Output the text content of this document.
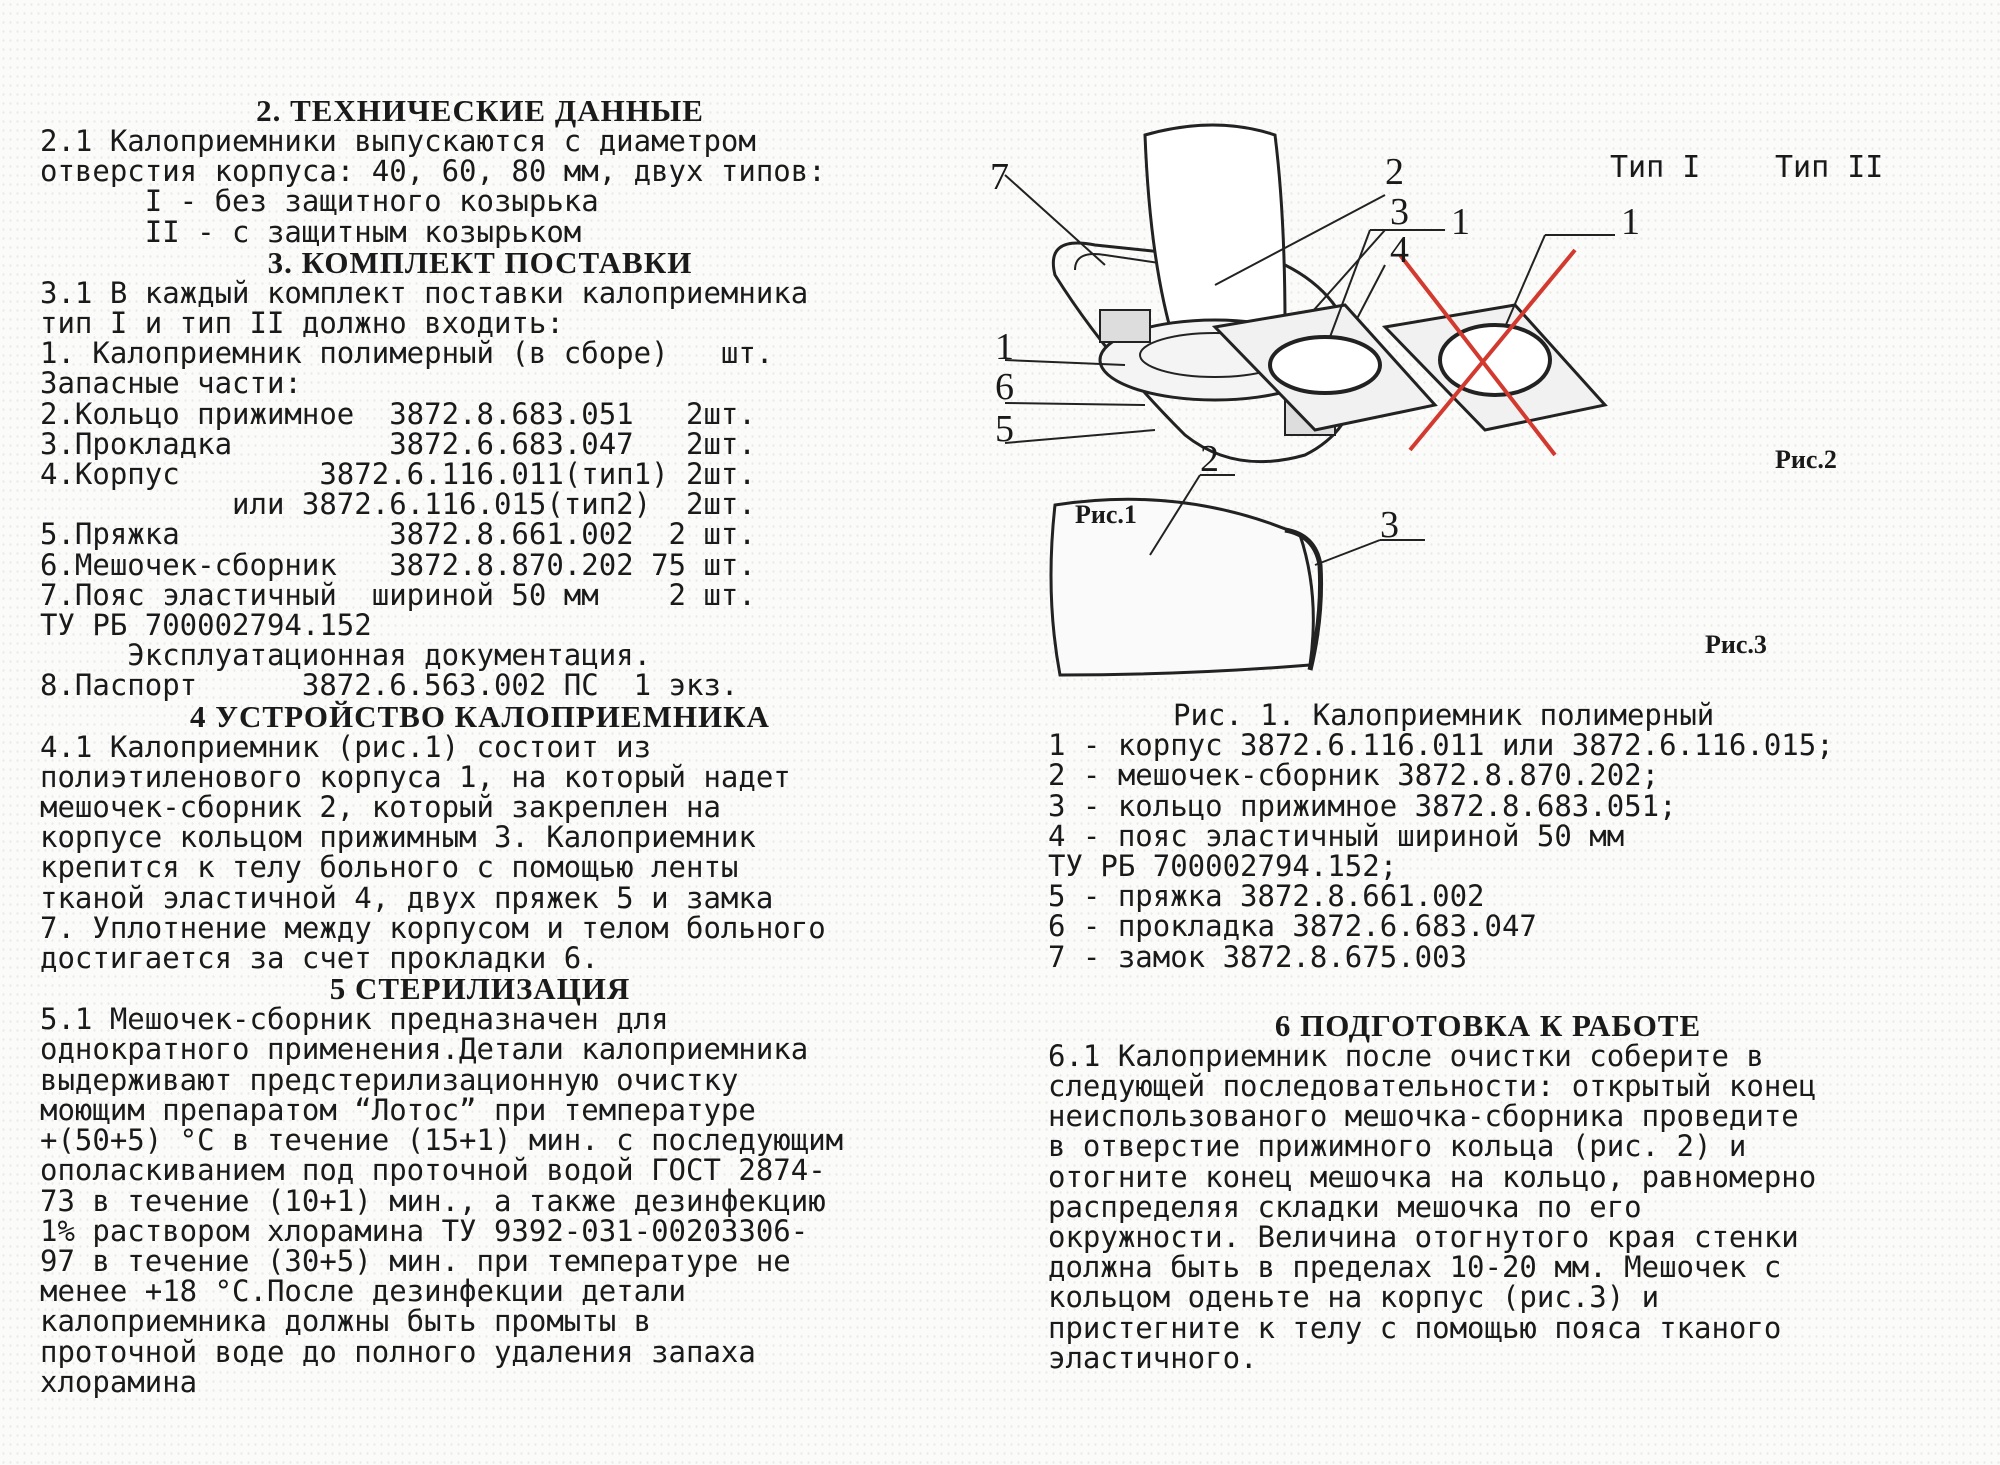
2. ТЕХНИЧЕСКИЕ ДАННЫЕ

2.1 Калоприемники выпускаются с диаметром

отверстия корпуса: 40, 60, 80 мм, двух типов:

I - без защитного козырька

II - с защитным козырьком

3. КОМПЛЕКТ ПОСТАВКИ

3.1 В каждый комплект поставки калоприемника

тип I и тип II должно входить:

1. Калоприемник полимерный (в сборе)   шт.

Запасные части:

2.Кольцо прижимное  3872.8.683.051   2шт.

3.Прокладка         3872.6.683.047   2шт.

4.Корпус        3872.6.116.011(тип1) 2шт.

или 3872.6.116.015(тип2)  2шт.

5.Пряжка            3872.8.661.002  2 шт.

6.Мешочек-сборник   3872.8.870.202 75 шт.

7.Пояс эластичный  шириной 50 мм    2 шт.

ТУ РБ 700002794.152

Эксплуатационная документация.

8.Паспорт      3872.6.563.002 ПС  1 экз.

4 УСТРОЙСТВО КАЛОПРИЕМНИКА

4.1 Калоприемник (рис.1) состоит из

полиэтиленового корпуса 1, на который надет

мешочек-сборник 2, который закреплен на

корпусе кольцом прижимным 3. Калоприемник

крепится к телу больного с помощью ленты

тканой эластичной 4, двух пряжек 5 и замка

7. Уплотнение между корпусом и телом больного

достигается за счет прокладки 6.

5 СТЕРИЛИЗАЦИЯ

5.1 Мешочек-сборник предназначен для

однократного применения.Детали калоприемника

выдерживают предстерилизационную очистку

моющим препаратом “Лотос” при температуре

+(50+5) °С в течение (15+1) мин. с последующим

ополаскиванием под проточной водой ГОСТ 2874-

73 в течение (10+1) мин., а также дезинфекцию

1% раствором хлорамина ТУ 9392-031-00203306-

97 в течение (30+5) мин. при температуре не

менее +18 °С.После дезинфекции детали

калоприемника должны быть промыты в

проточной воде до полного удаления запаха

хлорамина

7	2
3
4
1
6
5
1	1
2
3
Тип I Тип II
Рис.1
Рис.2
Рис.3

Рис. 1. Калоприемник полимерный

1 - корпус 3872.6.116.011 или 3872.6.116.015;

2 - мешочек-сборник 3872.8.870.202;

3 - кольцо прижимное 3872.8.683.051;

4 - пояс эластичный шириной 50 мм

ТУ РБ 700002794.152;

5 - пряжка 3872.8.661.002

6 - прокладка 3872.6.683.047

7 - замок 3872.8.675.003

6 ПОДГОТОВКА К РАБОТЕ

6.1 Калоприемник после очистки соберите в

следующей последовательности: открытый конец

неиспользованого мешочка-сборника проведите

в отверстие прижимного кольца (рис. 2) и

отогните конец мешочка на кольцо, равномерно

распределяя складки мешочка по его

окружности. Величина отогнутого края стенки

должна быть в пределах 10-20 мм. Мешочек с

кольцом оденьте на корпус (рис.3) и

пристегните к телу с помощью пояса тканого

эластичного.
